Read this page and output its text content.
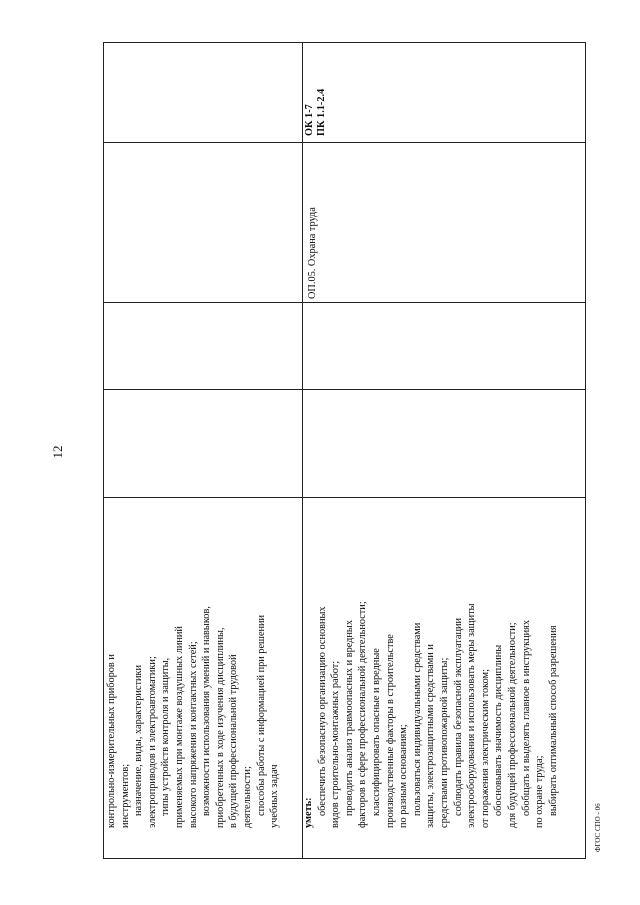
12
контрольно-измерительных приборов и инструментов; назначение, виды, характеристики электроприводов и электроавтоматики; типы устройств контроля и защиты, применяемых при монтаже воздушных линий высокого напряжения и контактных сетей; возможности использования умений и навыков, приобретенных в ходе изучения дисциплины, в будущей профессиональной трудовой деятельности; способы работы с информацией при решении учебных задач уметь: обеспечить безопасную организацию основных видов строительно-монтажных работ; проводить анализ травмоопасных и вредных факторов в сфере профессиональной деятельности; классифицировать опасные и вредные производственные факторы в строительстве по разным основаниям; пользоваться индивидуальными средствами защиты, электрозащитными средствами и средствами противопожарной защиты; соблюдать правила безопасной эксплуатации электрооборудования и использовать меры защиты от поражения электрическим током; обосновывать значимость дисциплины для будущей профессиональной деятельности; обобщать и выделять главное в инструкциях по охране труда; выбирать оптимальный способ разрешения
ОП.05. Охрана труда
ОК 1-7 ПК 1.1-2.4
ФГОС СПО - 06
